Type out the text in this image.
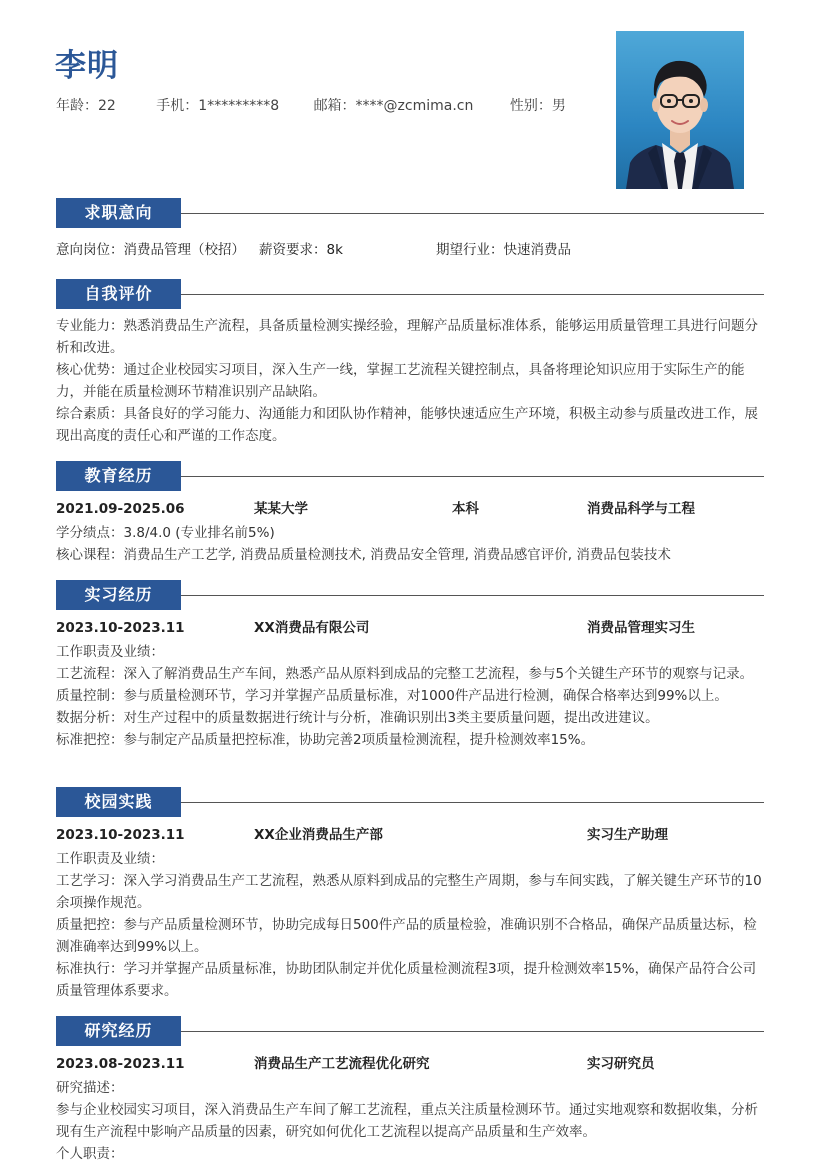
李明
年龄：22	手机：1*********8 邮箱：****@zcmima.cn	性别：男
求职意向
意向岗位：消费品管理（校招） 薪资要求：8k	期望行业：快速消费品
自我评价
专业能力：熟悉消费品生产流程，具备质量检测实操经验，理解产品质量标准体系，能够运用质量管理工具进行问题分析和改进。
核心优势：通过企业校园实习项目，深入生产一线，掌握工艺流程关键控制点，具备将理论知识应用于实际生产的能力，并能在质量检测环节精准识别产品缺陷。
综合素质：具备良好的学习能力、沟通能力和团队协作精神，能够快速适应生产环境，积极主动参与质量改进工作，展现出高度的责任心和严谨的工作态度。
教育经历
2021.09-2025.06	某某大学	本科	消费品科学与工程
学分绩点：3.8/4.0 (专业排名前5%)
核心课程：消费品生产工艺学, 消费品质量检测技术, 消费品安全管理, 消费品感官评价, 消费品包装技术
实习经历
2023.10-2023.11	XX消费品有限公司	消费品管理实习生
工作职责及业绩：
工艺流程：深入了解消费品生产车间，熟悉产品从原料到成品的完整工艺流程，参与5个关键生产环节的观察与记录。
质量控制：参与质量检测环节，学习并掌握产品质量标准，对1000件产品进行检测，确保合格率达到99%以上。
数据分析：对生产过程中的质量数据进行统计与分析，准确识别出3类主要质量问题，提出改进建议。
标准把控：参与制定产品质量把控标准，协助完善2项质量检测流程，提升检测效率15%。
校园实践
2023.10-2023.11	XX企业消费品生产部	实习生产助理
工作职责及业绩：
工艺学习：深入学习消费品生产工艺流程，熟悉从原料到成品的完整生产周期，参与车间实践，了解关键生产环节的10余项操作规范。
质量把控：参与产品质量检测环节，协助完成每日500件产品的质量检验，准确识别不合格品，确保产品质量达标，检测准确率达到99%以上。
标准执行：学习并掌握产品质量标准，协助团队制定并优化质量检测流程3项，提升检测效率15%，确保产品符合公司质量管理体系要求。
研究经历
2023.08-2023.11	消费品生产工艺流程优化研究	实习研究员
研究描述：
参与企业校园实习项目，深入消费品生产车间了解工艺流程，重点关注质量检测环节。通过实地观察和数据收集，分析现有生产流程中影响产品质量的因素，研究如何优化工艺流程以提高产品质量和生产效率。
个人职责：
